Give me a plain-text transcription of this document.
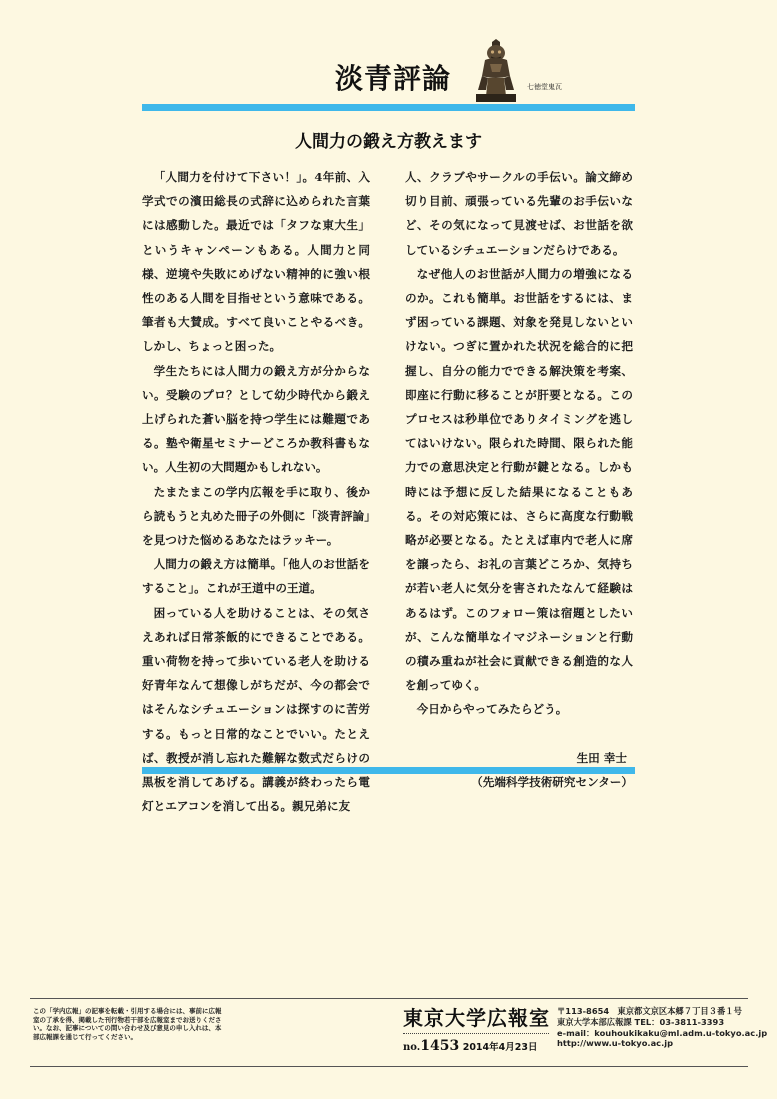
淡青評論	七徳堂鬼瓦
人間力の鍛え方教えます

「人間力を付けて下さい！」。4年前、入学式での濱田総長の式辞に込められた言葉には感動した。最近では「タフな東大生」というキャンペーンもある。人間力と同様、逆境や失敗にめげない精神的に強い根性のある人間を目指せという意味である。筆者も大賛成。すべて良いことやるべき。しかし、ちょっと困った。

学生たちには人間力の鍛え方が分からない。受験のプロ？として幼少時代から鍛え上げられた蒼い脳を持つ学生には難題である。塾や衛星セミナーどころか教科書もない。人生初の大問題かもしれない。

たまたまこの学内広報を手に取り、後から読もうと丸めた冊子の外側に「淡青評論」を見つけた悩めるあなたはラッキー。

人間力の鍛え方は簡単。「他人のお世話をすること」。これが王道中の王道。

困っている人を助けることは、その気さえあれば日常茶飯的にできることである。重い荷物を持って歩いている老人を助ける好青年なんて想像しがちだが、今の都会ではそんなシチュエーションは探すのに苦労する。もっと日常的なことでいい。たとえば、教授が消し忘れた難解な数式だらけの黒板を消してあげる。講義が終わったら電灯とエアコンを消して出る。親兄弟に友

人、クラブやサークルの手伝い。論文締め切り目前、頑張っている先輩のお手伝いなど、その気になって見渡せば、お世話を欲しているシチュエーションだらけである。

なぜ他人のお世話が人間力の増強になるのか。これも簡単。お世話をするには、まず困っている課題、対象を発見しないといけない。つぎに置かれた状況を総合的に把握し、自分の能力でできる解決策を考案、即座に行動に移ることが肝要となる。このプロセスは秒単位でありタイミングを逃してはいけない。限られた時間、限られた能力での意思決定と行動が鍵となる。しかも時には予想に反した結果になることもある。その対応策には、さらに高度な行動戦略が必要となる。たとえば車内で老人に席を譲ったら、お礼の言葉どころか、気持ちが若い老人に気分を害されたなんて経験はあるはず。このフォロー策は宿題としたいが、こんな簡単なイマジネーションと行動の積み重ねが社会に貢献できる創造的な人を創ってゆく。

今日からやってみたらどう。

生田 幸士

（先端科学技術研究センター）

この「学内広報」の記事を転載・引用する場合には、事前に広報室の了承を得、掲載した刊行物若干部を広報室までお送りください。なお、記事についての問い合わせ及び意見の申し入れは、本部広報課を通じて行ってください。
東京大学広報室
no.1453 2014年4月23日
〒113-8654　東京都文京区本郷７丁目３番１号
東京大学本部広報課 TEL：03-3811-3393
e-mail：kouhoukikaku@ml.adm.u-tokyo.ac.jp
http://www.u-tokyo.ac.jp
